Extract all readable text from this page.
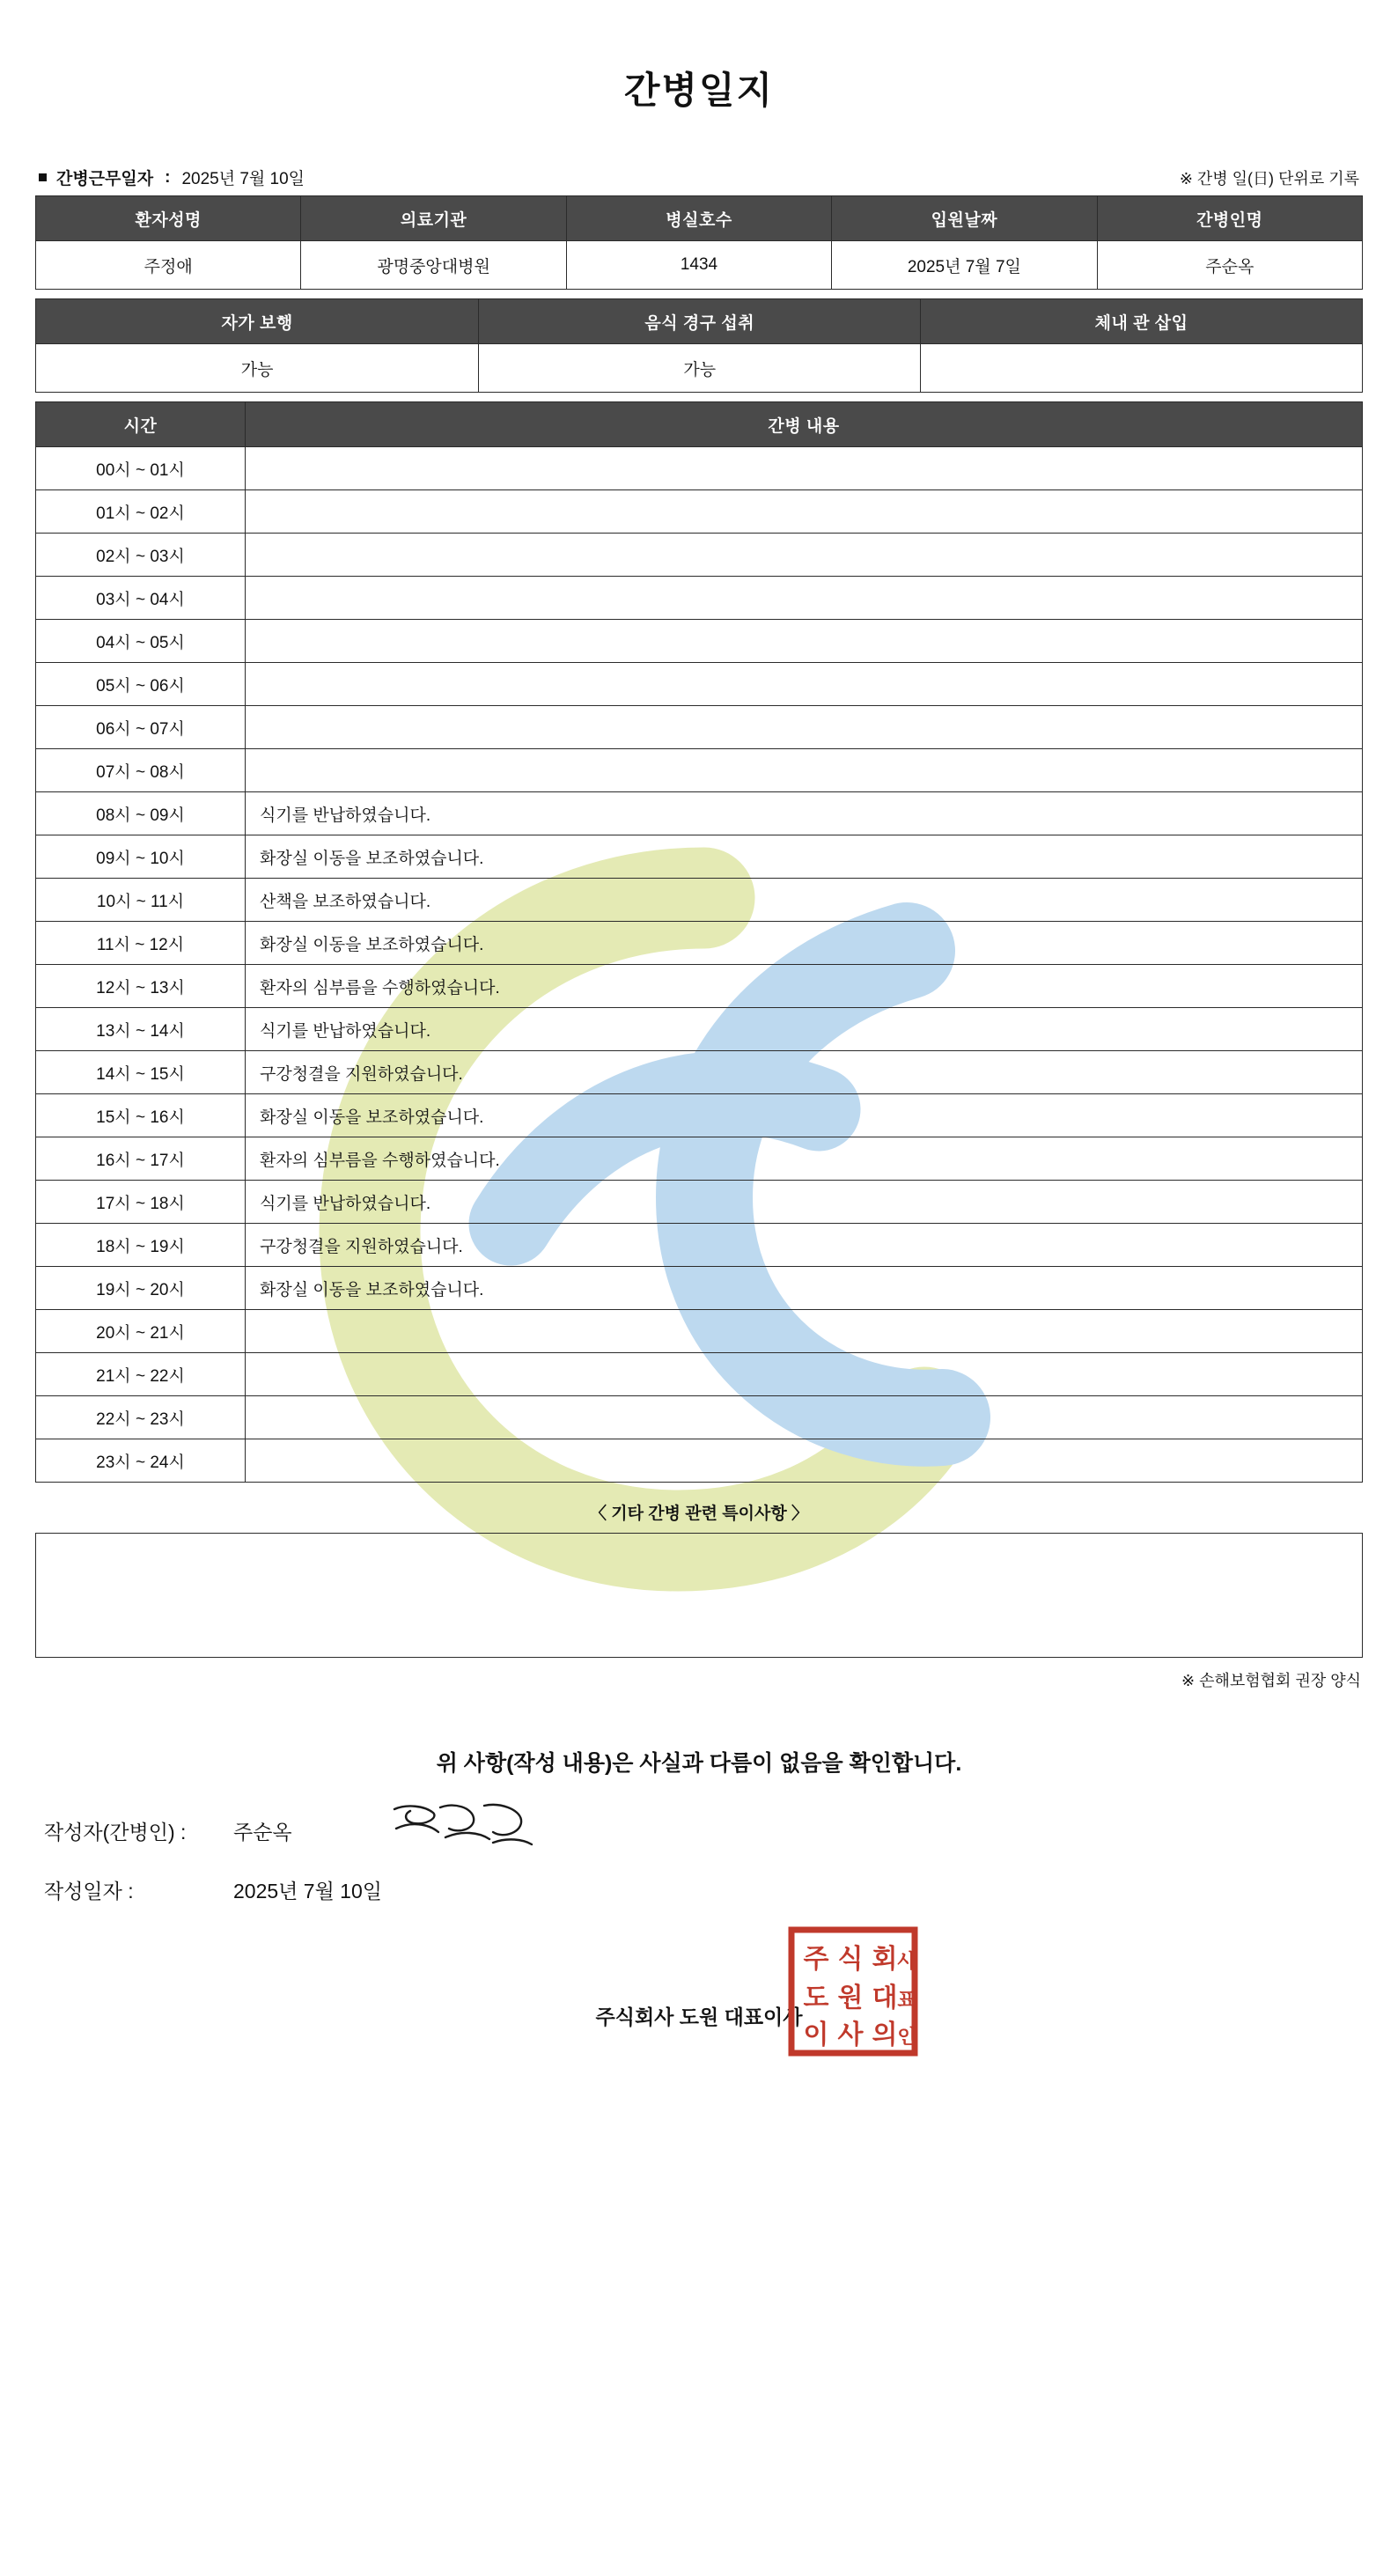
간병일지
간병근무일자 : 2025년 7월 10일	※ 간병 일(日) 단위로 기록
환자성명	의료기관	병실호수	입원날짜	간병인명
주정애	광명중앙대병원	1434	2025년 7월 7일	주순옥
자가 보행	음식 경구 섭취	체내 관 삽입
가능	가능	
시간	간병 내용
00시 ~ 01시	
01시 ~ 02시	
02시 ~ 03시	
03시 ~ 04시	
04시 ~ 05시	
05시 ~ 06시	
06시 ~ 07시	
07시 ~ 08시	
08시 ~ 09시	식기를 반납하였습니다.
09시 ~ 10시	화장실 이동을 보조하였습니다.
10시 ~ 11시	산책을 보조하였습니다.
11시 ~ 12시	화장실 이동을 보조하였습니다.
12시 ~ 13시	환자의 심부름을 수행하였습니다.
13시 ~ 14시	식기를 반납하였습니다.
14시 ~ 15시	구강청결을 지원하였습니다.
15시 ~ 16시	화장실 이동을 보조하였습니다.
16시 ~ 17시	환자의 심부름을 수행하였습니다.
17시 ~ 18시	식기를 반납하였습니다.
18시 ~ 19시	구강청결을 지원하였습니다.
19시 ~ 20시	화장실 이동을 보조하였습니다.
20시 ~ 21시	
21시 ~ 22시	
22시 ~ 23시	
23시 ~ 24시	
〈 기타 간병 관련 특이사항 〉
※ 손해보험협회 권장 양식
위 사항(작성 내용)은 사실과 다름이 없음을 확인합니다.
작성자(간병인) :	주순옥
작성일자 :	2025년 7월 10일
주식회사 도원 대표이사
주 식 회
도 원 대
이 사 의
사
표
인
